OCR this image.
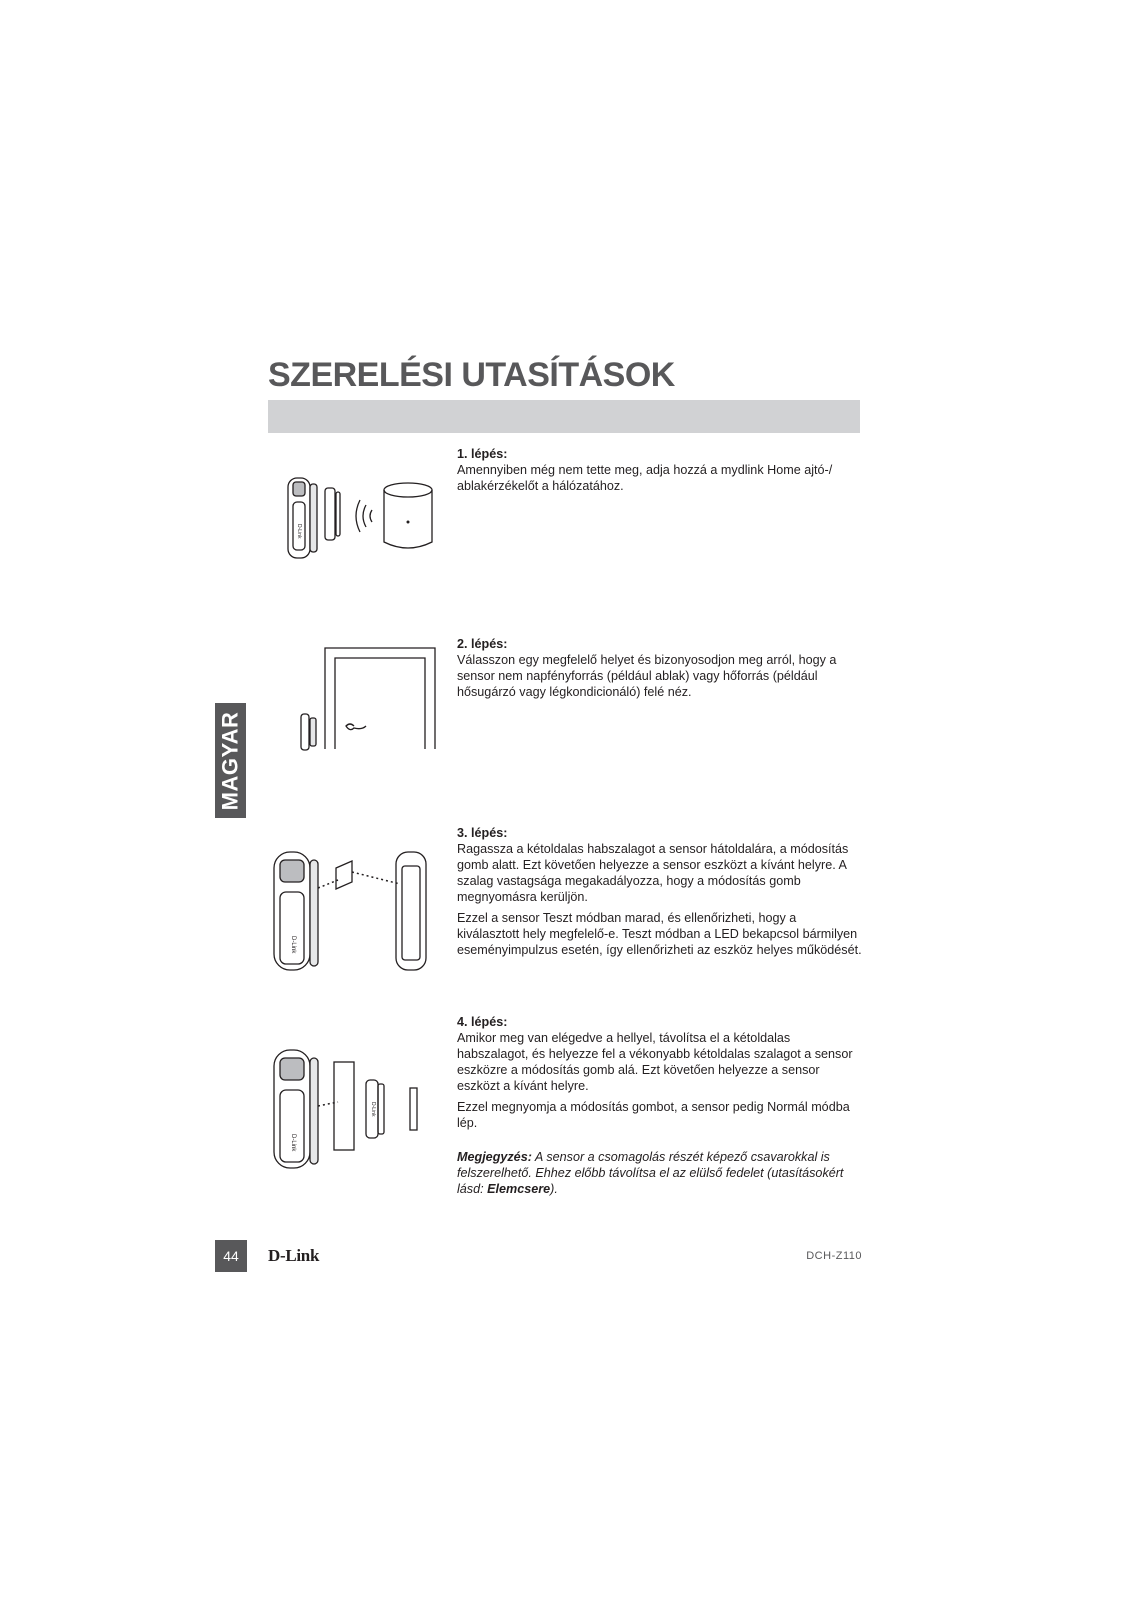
SZERELÉSI UTASÍTÁSOK
MAGYAR
D-Link
D-Link
D-Link
D-Link
1. lépés:

Amennyiben még nem tette meg, adja hozzá a mydlink Home ajtó-/ ablakérzékelőt a hálózatához.

2. lépés:

Válasszon egy megfelelő helyet és bizonyosodjon meg arról, hogy a sensor nem napfényforrás (például ablak) vagy hőforrás (például hősugárzó vagy légkondicionáló) felé néz.

3. lépés:

Ragassza a kétoldalas habszalagot a sensor hátoldalára, a módosítás gomb alatt. Ezt követően helyezze a sensor eszközt a kívánt helyre. A szalag vastagsága megakadályozza, hogy a módosítás gomb megnyomásra kerüljön.

Ezzel a sensor Teszt módban marad, és ellenőrizheti, hogy a kiválasztott hely megfelelő-e. Teszt módban a LED bekapcsol bármilyen eseményimpulzus esetén, így ellenőrizheti az eszköz helyes működését.

4. lépés:

Amikor meg van elégedve a hellyel, távolítsa el a kétoldalas habszalagot, és helyezze fel a vékonyabb kétoldalas szalagot a sensor eszközre a módosítás gomb alá. Ezt követően helyezze a sensor eszközt a kívánt helyre.

Ezzel megnyomja a módosítás gombot, a sensor pedig Normál módba lép.

Megjegyzés: A sensor a csomagolás részét képező csavarokkal is felszerelhető. Ehhez előbb távolítsa el az elülső fedelet (utasításokért lásd: Elemcsere).

44	D-Link	DCH-Z110
